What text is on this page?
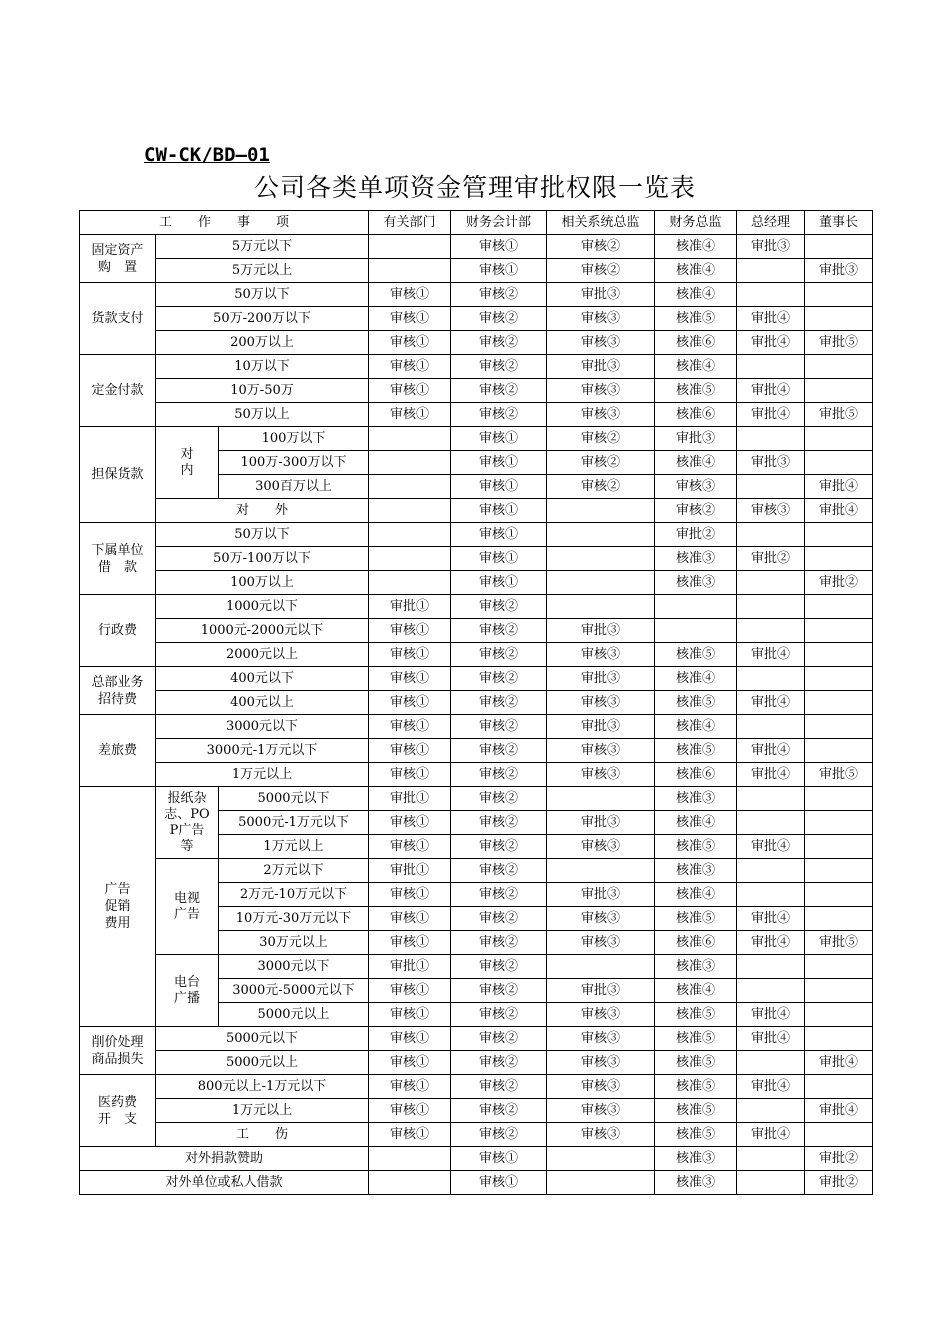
CW-CK/BD—01
公司各类单项资金管理审批权限一览表
工　　作　　事　　项			有关部门	财务会计部	相关系统总监	财务总监	总经理	董事长
固定资产
购　置	5万元以下			审核①	审核②	核准④	审批③	
	5万元以上			审核①	审核②	核准④		审批③
货款支付	50万以下		审核①	审核②	审批③	核准④		
	50万-200万以下		审核①	审核②	审核③	核准⑤	审批④	
	200万以上		审核①	审核②	审核③	核准⑥	审批④	审批⑤
定金付款	10万以下		审核①	审核②	审批③	核准④		
	10万-50万		审核①	审核②	审核③	核准⑤	审批④	
	50万以上		审核①	审核②	审核③	核准⑥	审批④	审批⑤
担保货款	对
内	100万以下		审核①	审核②	审批③		
		100万-300万以下		审核①	审核②	核准④	审批③	
		300百万以上		审核①	审核②	审核③		审批④
	对　　外			审核①		审核②	审核③	审批④
下属单位
借　款	50万以下			审核①		审批②		
	50万-100万以下			审核①		核准③	审批②	
	100万以上			审核①		核准③		审批②
行政费	1000元以下		审批①	审核②				
	1000元-2000元以下		审核①	审核②	审批③			
	2000元以上		审核①	审核②	审核③	核准⑤	审批④	
总部业务
招待费	400元以下		审核①	审核②	审批③	核准④		
	400元以上		审核①	审核②	审核③	核准⑤	审批④	
差旅费	3000元以下		审核①	审核②	审批③	核准④		
	3000元-1万元以下		审核①	审核②	审核③	核准⑤	审批④	
	1万元以上		审核①	审核②	审核③	核准⑥	审批④	审批⑤
广告
促销
费用	报纸杂
志、PO
P广告
等	5000元以下	审批①	审核②		核准③		
		5000元-1万元以下	审核①	审核②	审批③	核准④		
		1万元以上	审核①	审核②	审核③	核准⑤	审批④	
	电视
广告	2万元以下	审批①	审核②		核准③		
		2万元-10万元以下	审核①	审核②	审批③	核准④		
		10万元-30万元以下	审核①	审核②	审核③	核准⑤	审批④	
		30万元以上	审核①	审核②	审核③	核准⑥	审批④	审批⑤
	电台
广播	3000元以下	审批①	审核②		核准③		
		3000元-5000元以下	审核①	审核②	审批③	核准④		
		5000元以上	审核①	审核②	审核③	核准⑤	审批④	
削价处理
商品损失	5000元以下		审核①	审核②	审核③	核准⑤	审批④	
	5000元以上		审核①	审核②	审核③	核准⑤		审批④
医药费
开　支	800元以上-1万元以下		审核①	审核②	审核③	核准⑤	审批④	
	1万元以上		审核①	审核②	审核③	核准⑤		审批④
	工　　伤		审核①	审核②	审核③	核准⑤	审批④	
对外捐款赞助				审核①		核准③		审批②
对外单位或私人借款				审核①		核准③		审批②
